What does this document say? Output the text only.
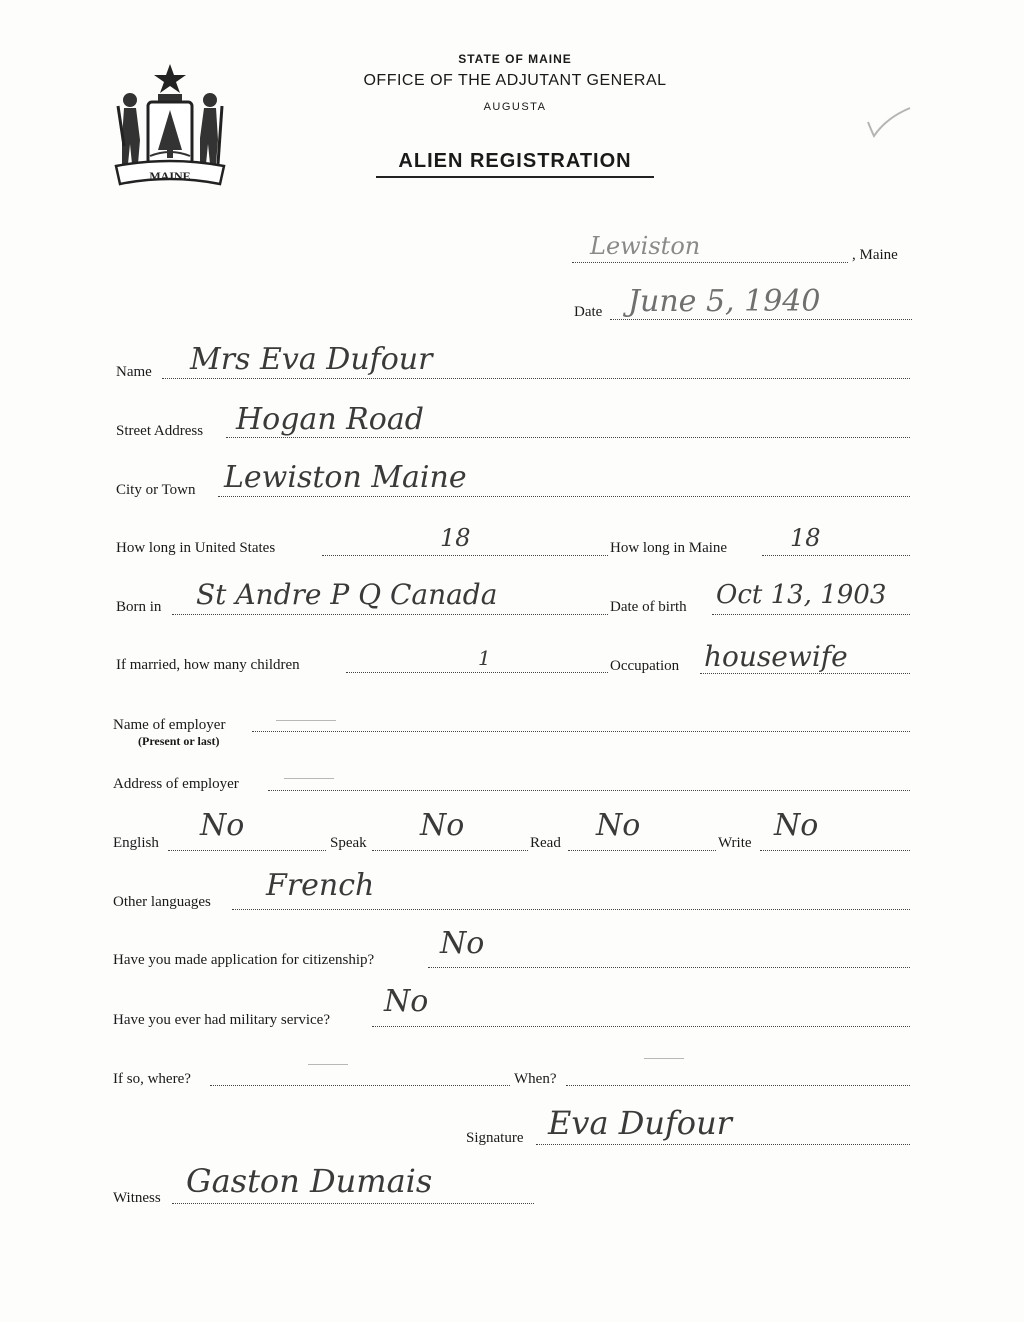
MAINE
STATE OF MAINE
OFFICE OF THE ADJUTANT GENERAL
AUGUSTA
ALIEN REGISTRATION
Lewiston	, Maine
Date June 5, 1940
Name Mrs Eva Dufour
Street Address Hogan Road
City or Town Lewiston Maine
How long in United States	18	How long in Maine	18
Born in St Andre P Q Canada	Date of birth Oct 13, 1903
If married, how many children	1	Occupation housewife
Name of employer
(Present or last)
Address of employer
English No	Speak No	Read No	Write No
Other languages French
Have you made application for citizenship? No
Have you ever had military service?
No
If so, where?	When?
Signature Eva Dufour
Witness Gaston Dumais
